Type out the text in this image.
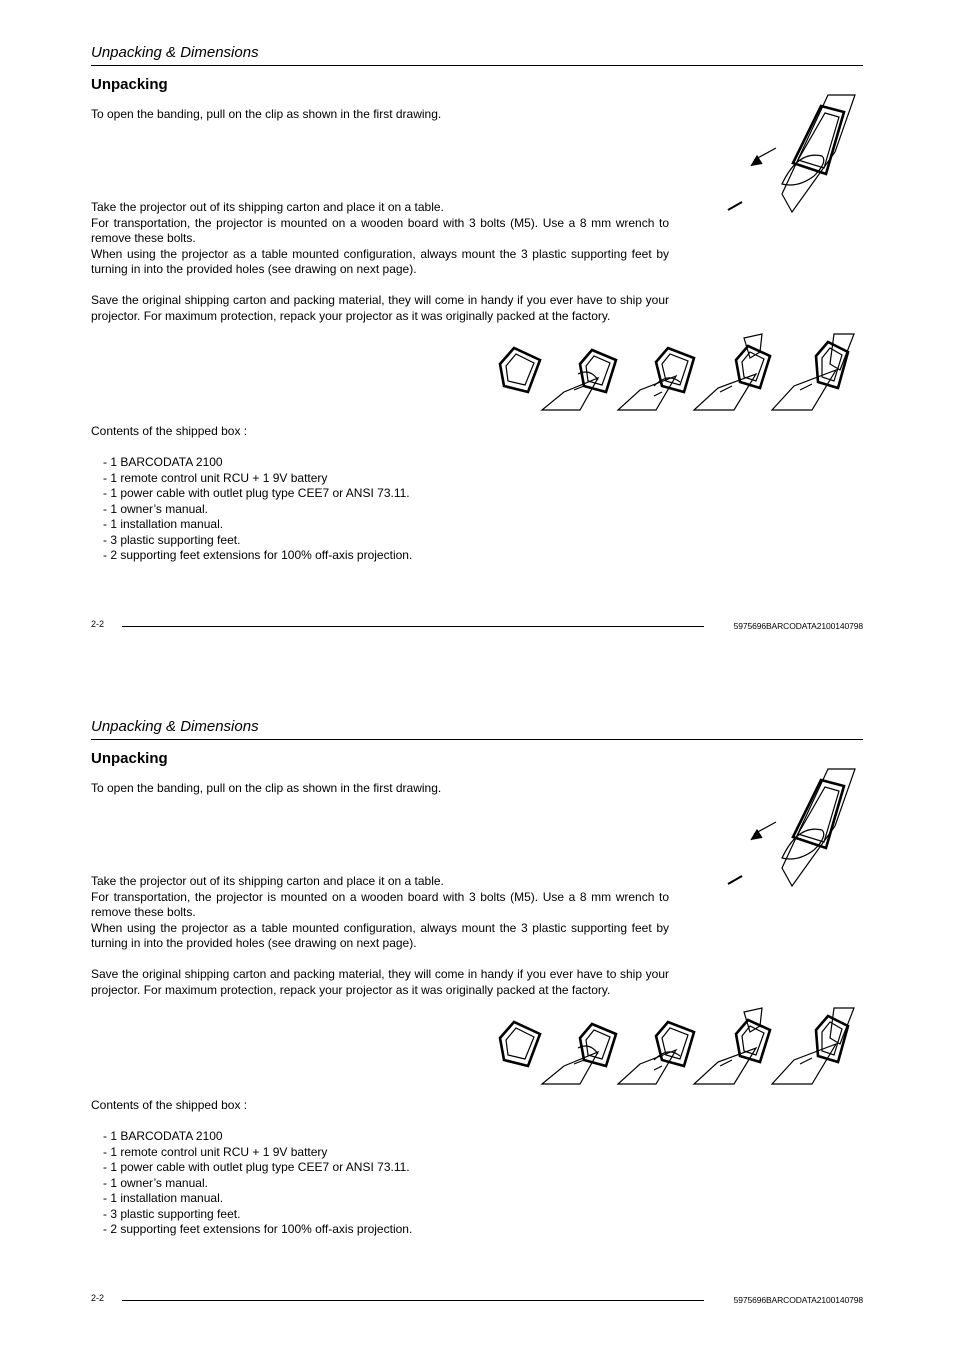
Unpacking & Dimensions
Unpacking
To open the banding, pull on the clip as shown in the first drawing.
Take the projector out of its shipping carton and place it on a table.
For transportation, the projector is mounted on a wooden board with 3 bolts (M5). Use a 8 mm wrench to remove these bolts.
When using the projector as a table mounted configuration, always mount the 3 plastic supporting feet by turning in into the provided holes (see drawing on next page).
Save the original shipping carton and packing material, they will come in handy if you ever have to ship your projector. For maximum protection, repack your projector as it was originally packed at the factory.
Contents of the shipped box :
- 1 BARCODATA 2100
- 1 remote control unit RCU + 1 9V battery
- 1 power cable with outlet plug type CEE7 or ANSI 73.11.
- 1 owner’s manual.
- 1 installation manual.
- 3 plastic supporting feet.
- 2 supporting feet extensions for 100% off-axis projection.
2-2	5975696BARCODATA2100140798
Unpacking & Dimensions
Unpacking
To open the banding, pull on the clip as shown in the first drawing.
Take the projector out of its shipping carton and place it on a table.
For transportation, the projector is mounted on a wooden board with 3 bolts (M5). Use a 8 mm wrench to remove these bolts.
When using the projector as a table mounted configuration, always mount the 3 plastic supporting feet by turning in into the provided holes (see drawing on next page).
Save the original shipping carton and packing material, they will come in handy if you ever have to ship your projector. For maximum protection, repack your projector as it was originally packed at the factory.
Contents of the shipped box :
- 1 BARCODATA 2100
- 1 remote control unit RCU + 1 9V battery
- 1 power cable with outlet plug type CEE7 or ANSI 73.11.
- 1 owner’s manual.
- 1 installation manual.
- 3 plastic supporting feet.
- 2 supporting feet extensions for 100% off-axis projection.
2-2	5975696BARCODATA2100140798
